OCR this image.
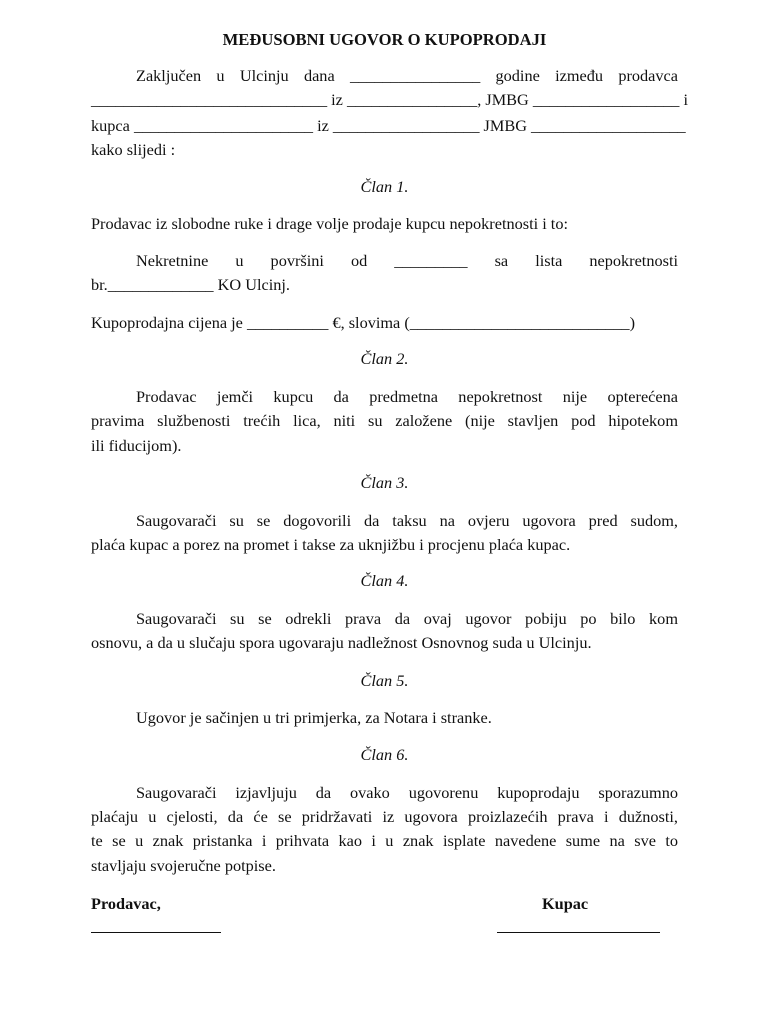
MEĐUSOBNI UGOVOR O KUPOPRODAJI
Zaključen u Ulcinju dana ________________ godine između prodavca
_____________________________ iz ________________, JMBG __________________ i
kupca ______________________ iz __________________ JMBG ___________________
kako slijedi :
Član 1.
Prodavac iz slobodne ruke i drage volje prodaje kupcu nepokretnosti i to:
Nekretnine u površini od _________ sa lista nepokretnosti
br._____________ KO Ulcinj.
Kupoprodajna cijena je __________ €, slovima (___________________________)
Član 2.
Prodavac jemči kupcu da predmetna nepokretnost nije opterećena
pravima službenosti trećih lica, niti su založene (nije stavljen pod hipotekom
ili fiducijom).
Član 3.
Saugovarači su se dogovorili da taksu na ovjeru ugovora pred sudom,
plaća kupac a porez na promet i takse za uknjižbu i procjenu plaća kupac.
Član 4.
Saugovarači su se odrekli prava da ovaj ugovor pobiju po bilo kom
osnovu, a da u slučaju spora ugovaraju nadležnost Osnovnog suda u Ulcinju.
Član 5.
Ugovor je sačinjen u tri primjerka, za Notara i stranke.
Član 6.
Saugovarači izjavljuju da ovako ugovorenu kupoprodaju sporazumno
plaćaju u cjelosti, da će se pridržavati iz ugovora proizlazećih prava i dužnosti,
te se u znak pristanka i prihvata kao i u znak isplate navedene sume na sve to
stavljaju svojeručne potpise.
Prodavac,	Kupac
